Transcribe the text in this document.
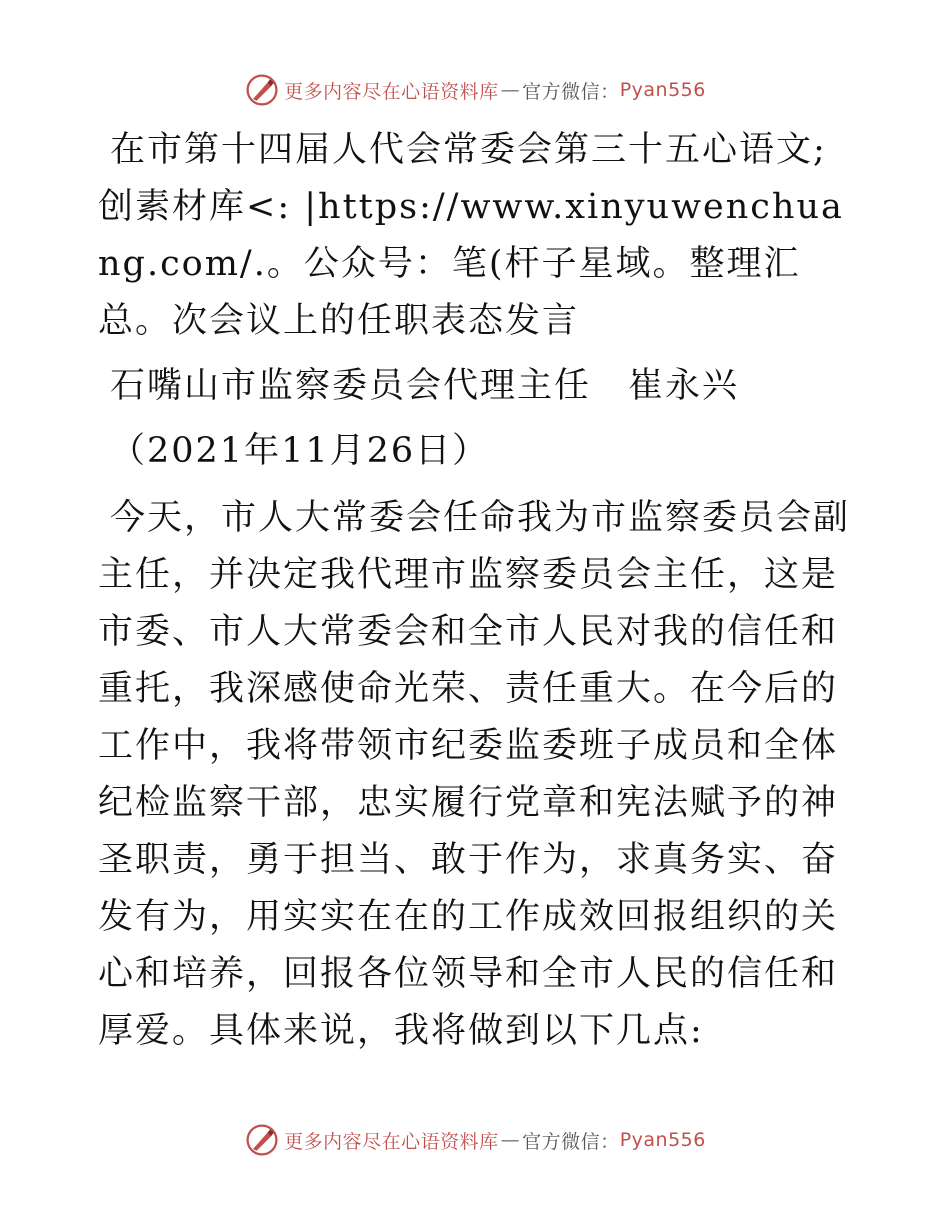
更多内容尽在心语资料库 — 官方微信： Pyan556

在市第十四届人代会常委会第三十五心语文;创素材库<: |https://www.xinyuwenchuang.com/.。公众号：笔(杆子星域。整理汇总。次会议上的任职表态发言

石嘴山市监察委员会代理主任　崔永兴

（2021年11月26日）

今天，市人大常委会任命我为市监察委员会副主任，并决定我代理市监察委员会主任，这是市委、市人大常委会和全市人民对我的信任和重托，我深感使命光荣、责任重大。在今后的工作中，我将带领市纪委监委班子成员和全体纪检监察干部，忠实履行党章和宪法赋予的神圣职责，勇于担当、敢于作为，求真务实、奋发有为，用实实在在的工作成效回报组织的关心和培养，回报各位领导和全市人民的信任和厚爱。具体来说，我将做到以下几点:

更多内容尽在心语资料库 — 官方微信： Pyan556
